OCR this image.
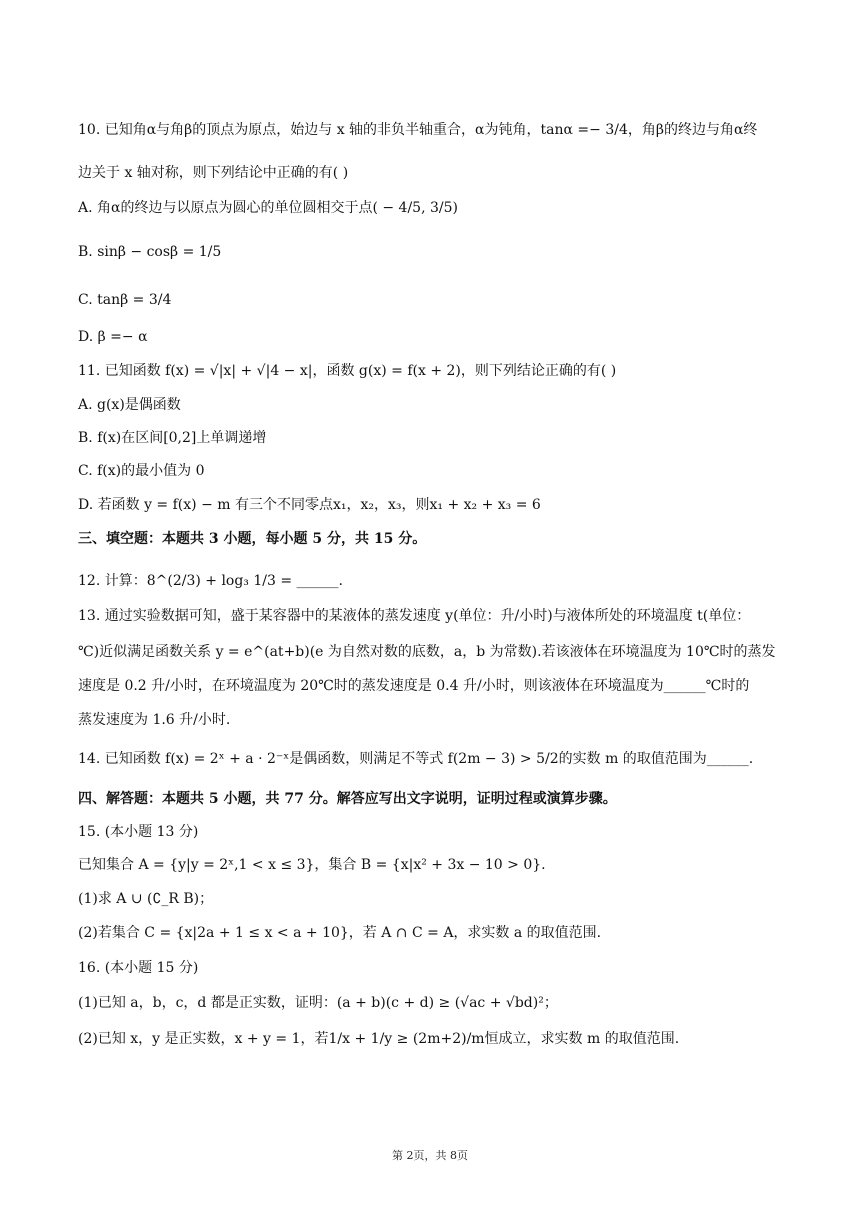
10. 已知角α与角β的顶点为原点，始边与 x 轴的非负半轴重合，α为钝角，tanα =− 3/4，角β的终边与角α终
边关于 x 轴对称，则下列结论中正确的有( )
A. 角α的终边与以原点为圆心的单位圆相交于点( − 4/5, 3/5)
B. sinβ − cosβ = 1/5
C. tanβ = 3/4
D. β =− α
11. 已知函数 f(x) = √|x| + √|4 − x|，函数 g(x) = f(x + 2)，则下列结论正确的有( )
A. g(x)是偶函数
B. f(x)在区间[0,2]上单调递增
C. f(x)的最小值为 0
D. 若函数 y = f(x) − m 有三个不同零点x₁，x₂，x₃，则x₁ + x₂ + x₃ = 6
三、填空题：本题共 3 小题，每小题 5 分，共 15 分。
12. 计算：8^(2/3) + log₃ 1/3 = ______.
13. 通过实验数据可知，盛于某容器中的某液体的蒸发速度 y(单位：升/小时)与液体所处的环境温度 t(单位：
℃)近似满足函数关系 y = e^(at+b)(e 为自然对数的底数，a，b 为常数).若该液体在环境温度为 10℃时的蒸发
速度是 0.2 升/小时，在环境温度为 20℃时的蒸发速度是 0.4 升/小时，则该液体在环境温度为______℃时的
蒸发速度为 1.6 升/小时.
14. 已知函数 f(x) = 2ˣ + a · 2⁻ˣ是偶函数，则满足不等式 f(2m − 3) > 5/2的实数 m 的取值范围为______.
四、解答题：本题共 5 小题，共 77 分。解答应写出文字说明，证明过程或演算步骤。
15. (本小题 13 分)
已知集合 A = {y|y = 2ˣ,1 < x ≤ 3}，集合 B = {x|x² + 3x − 10 > 0}.
(1)求 A ∪ (∁_R B)；
(2)若集合 C = {x|2a + 1 ≤ x < a + 10}，若 A ∩ C = A，求实数 a 的取值范围.
16. (本小题 15 分)
(1)已知 a，b，c，d 都是正实数，证明：(a + b)(c + d) ≥ (√ac + √bd)²；
(2)已知 x，y 是正实数，x + y = 1，若1/x + 1/y ≥ (2m+2)/m恒成立，求实数 m 的取值范围.
第 2页，共 8页
